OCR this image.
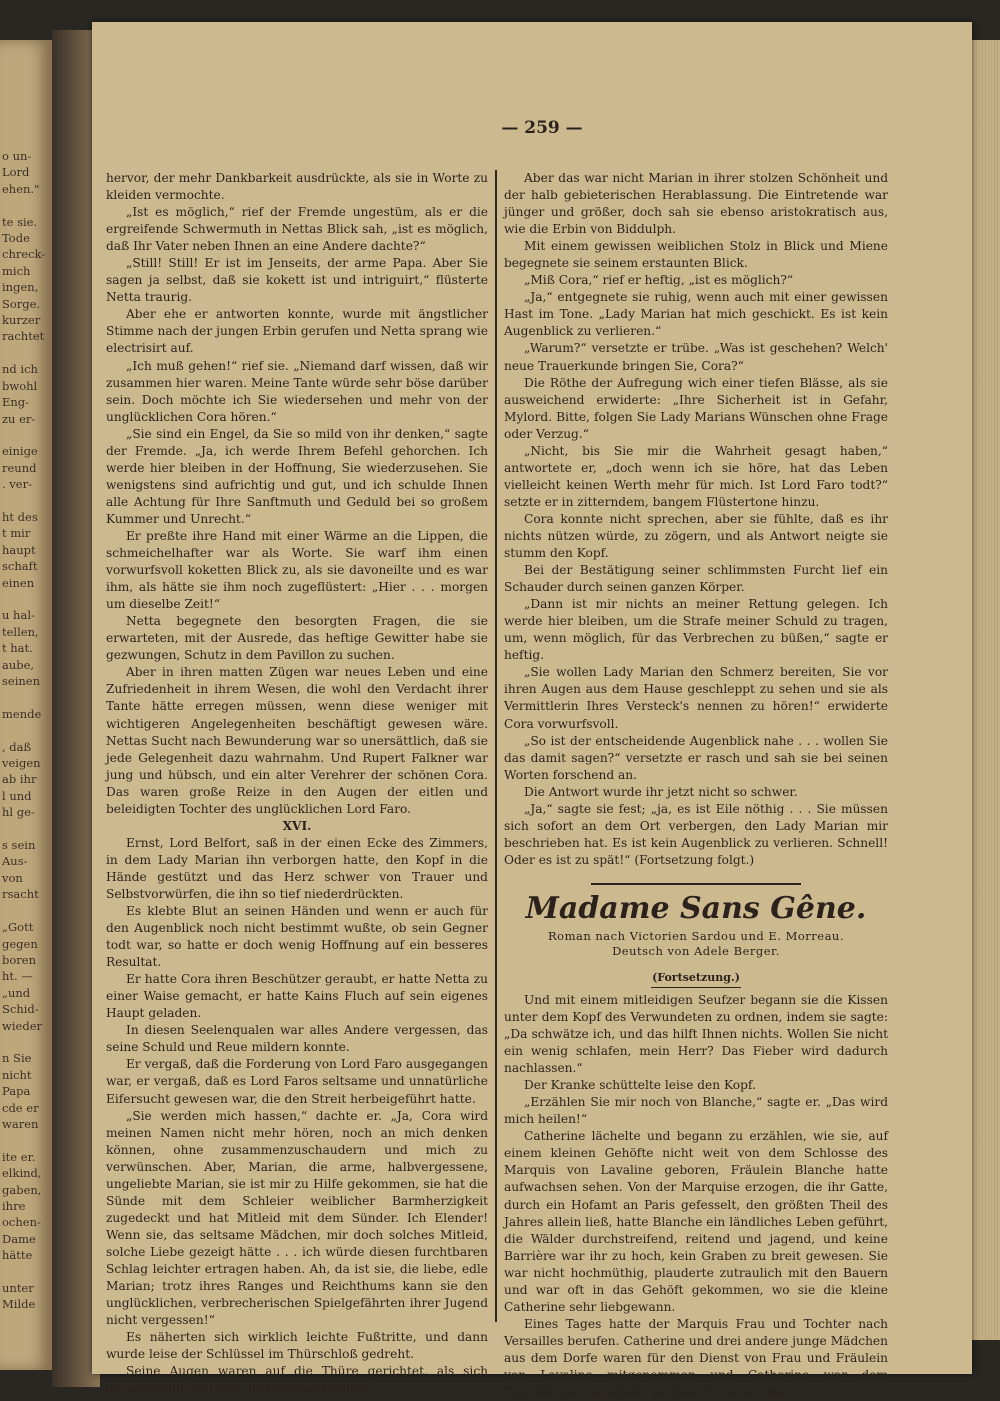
o un-
Lord
ehen."

te sie.
Tode
chreck-
mich
ingen,
Sorge.
kurzer
rachtet

nd ich
bwohl
Eng-
zu er-

einige
reund
. ver-

ht des
t mir
haupt
schaft
einen

u hal-
tellen,
t hat.
aube,
seinen

mende

, daß
veigen
ab ihr
l und
hl ge-

s sein
Aus-
von
rsacht

„Gott
gegen
boren
ht. —
„und
Schid-
wieder

n Sie
nicht
Papa
cde er
waren

ite er.
elkind,
gaben,
ihre
ochen-
Dame
hätte

unter
Milde
— 259 —

hervor, der mehr Dankbarkeit ausdrückte, als sie in Worte zu kleiden vermochte.

„Ist es möglich,“ rief der Fremde ungestüm, als er die ergreifende Schwermuth in Nettas Blick sah, „ist es möglich, daß Ihr Vater neben Ihnen an eine Andere dachte?“

„Still! Still! Er ist im Jenseits, der arme Papa. Aber Sie sagen ja selbst, daß sie kokett ist und intriguirt,“ flüsterte Netta traurig.

Aber ehe er antworten konnte, wurde mit ängstlicher Stimme nach der jungen Erbin gerufen und Netta sprang wie electrisirt auf.

„Ich muß gehen!“ rief sie. „Niemand darf wissen, daß wir zusammen hier waren. Meine Tante würde sehr böse darüber sein. Doch möchte ich Sie wiedersehen und mehr von der unglücklichen Cora hören.“

„Sie sind ein Engel, da Sie so mild von ihr denken,“ sagte der Fremde. „Ja, ich werde Ihrem Befehl gehorchen. Ich werde hier bleiben in der Hoffnung, Sie wiederzusehen. Sie wenigstens sind aufrichtig und gut, und ich schulde Ihnen alle Achtung für Ihre Sanftmuth und Geduld bei so großem Kummer und Unrecht.“

Er preßte ihre Hand mit einer Wärme an die Lippen, die schmeichelhafter war als Worte. Sie warf ihm einen vorwurfsvoll koketten Blick zu, als sie davoneilte und es war ihm, als hätte sie ihm noch zugeflüstert: „Hier . . . morgen um dieselbe Zeit!“

Netta begegnete den besorgten Fragen, die sie erwarteten, mit der Ausrede, das heftige Gewitter habe sie gezwungen, Schutz in dem Pavillon zu suchen.

Aber in ihren matten Zügen war neues Leben und eine Zufriedenheit in ihrem Wesen, die wohl den Verdacht ihrer Tante hätte erregen müssen, wenn diese weniger mit wichtigeren Angelegenheiten beschäftigt gewesen wäre. Nettas Sucht nach Bewunderung war so unersättlich, daß sie jede Gelegenheit dazu wahrnahm. Und Rupert Falkner war jung und hübsch, und ein alter Verehrer der schönen Cora. Das waren große Reize in den Augen der eitlen und beleidigten Tochter des unglücklichen Lord Faro.

XVI.

Ernst, Lord Belfort, saß in der einen Ecke des Zimmers, in dem Lady Marian ihn verborgen hatte, den Kopf in die Hände gestützt und das Herz schwer von Trauer und Selbstvorwürfen, die ihn so tief niederdrückten.

Es klebte Blut an seinen Händen und wenn er auch für den Augenblick noch nicht bestimmt wußte, ob sein Gegner todt war, so hatte er doch wenig Hoffnung auf ein besseres Resultat.

Er hatte Cora ihren Beschützer geraubt, er hatte Netta zu einer Waise gemacht, er hatte Kains Fluch auf sein eigenes Haupt geladen.

In diesen Seelenqualen war alles Andere vergessen, das seine Schuld und Reue mildern konnte.

Er vergaß, daß die Forderung von Lord Faro ausgegangen war, er vergaß, daß es Lord Faros seltsame und unnatürliche Eifersucht gewesen war, die den Streit herbeigeführt hatte.

„Sie werden mich hassen,“ dachte er. „Ja, Cora wird meinen Namen nicht mehr hören, noch an mich denken können, ohne zusammenzuschaudern und mich zu verwünschen. Aber, Marian, die arme, halbvergessene, ungeliebte Marian, sie ist mir zu Hilfe gekommen, sie hat die Sünde mit dem Schleier weiblicher Barmherzigkeit zugedeckt und hat Mitleid mit dem Sünder. Ich Elender! Wenn sie, das seltsame Mädchen, mir doch solches Mitleid, solche Liebe gezeigt hätte . . . ich würde diesen furchtbaren Schlag leichter ertragen haben. Ah, da ist sie, die liebe, edle Marian; trotz ihres Ranges und Reichthums kann sie den unglücklichen, verbrecherischen Spielgefährten ihrer Jugend nicht vergessen!“

Es näherten sich wirklich leichte Fußtritte, und dann wurde leise der Schlüssel im Thürschloß gedreht.

Seine Augen waren auf die Thüre gerichtet, als sich dieselbe langsam und geräuschlos öffnete.

Aber das war nicht Marian in ihrer stolzen Schönheit und der halb gebieterischen Herablassung. Die Eintretende war jünger und größer, doch sah sie ebenso aristokratisch aus, wie die Erbin von Biddulph.

Mit einem gewissen weiblichen Stolz in Blick und Miene begegnete sie seinem erstaunten Blick.

„Miß Cora,“ rief er heftig, „ist es möglich?“

„Ja,“ entgegnete sie ruhig, wenn auch mit einer gewissen Hast im Tone. „Lady Marian hat mich geschickt. Es ist kein Augenblick zu verlieren.“

„Warum?“ versetzte er trübe. „Was ist geschehen? Welch' neue Trauerkunde bringen Sie, Cora?“

Die Röthe der Aufregung wich einer tiefen Blässe, als sie ausweichend erwiderte: „Ihre Sicherheit ist in Gefahr, Mylord. Bitte, folgen Sie Lady Marians Wünschen ohne Frage oder Verzug.“

„Nicht, bis Sie mir die Wahrheit gesagt haben,“ antwortete er, „doch wenn ich sie höre, hat das Leben vielleicht keinen Werth mehr für mich. Ist Lord Faro todt?“ setzte er in zitterndem, bangem Flüstertone hinzu.

Cora konnte nicht sprechen, aber sie fühlte, daß es ihr nichts nützen würde, zu zögern, und als Antwort neigte sie stumm den Kopf.

Bei der Bestätigung seiner schlimmsten Furcht lief ein Schauder durch seinen ganzen Körper.

„Dann ist mir nichts an meiner Rettung gelegen. Ich werde hier bleiben, um die Strafe meiner Schuld zu tragen, um, wenn möglich, für das Verbrechen zu büßen,“ sagte er heftig.

„Sie wollen Lady Marian den Schmerz bereiten, Sie vor ihren Augen aus dem Hause geschleppt zu sehen und sie als Vermittlerin Ihres Versteck's nennen zu hören!“ erwiderte Cora vorwurfsvoll.

„So ist der entscheidende Augenblick nahe . . . wollen Sie das damit sagen?“ versetzte er rasch und sah sie bei seinen Worten forschend an.

Die Antwort wurde ihr jetzt nicht so schwer.

„Ja,“ sagte sie fest; „ja, es ist Eile nöthig . . . Sie müssen sich sofort an dem Ort verbergen, den Lady Marian mir beschrieben hat. Es ist kein Augenblick zu verlieren. Schnell! Oder es ist zu spät!“ (Fortsetzung folgt.)

Madame Sans Gêne.

Roman nach Victorien Sardou und E. Morreau.

Deutsch von Adele Berger.

(Fortsetzung.)

Und mit einem mitleidigen Seufzer begann sie die Kissen unter dem Kopf des Verwundeten zu ordnen, indem sie sagte: „Da schwätze ich, und das hilft Ihnen nichts. Wollen Sie nicht ein wenig schlafen, mein Herr? Das Fieber wird dadurch nachlassen.“

Der Kranke schüttelte leise den Kopf.

„Erzählen Sie mir noch von Blanche,“ sagte er. „Das wird mich heilen!“

Catherine lächelte und begann zu erzählen, wie sie, auf einem kleinen Gehöfte nicht weit von dem Schlosse des Marquis von Lavaline geboren, Fräulein Blanche hatte aufwachsen sehen. Von der Marquise erzogen, die ihr Gatte, durch ein Hofamt an Paris gefesselt, den größten Theil des Jahres allein ließ, hatte Blanche ein ländliches Leben geführt, die Wälder durchstreifend, reitend und jagend, und keine Barrière war ihr zu hoch, kein Graben zu breit gewesen. Sie war nicht hochmüthig, plauderte zutraulich mit den Bauern und war oft in das Gehöft gekommen, wo sie die kleine Catherine sehr liebgewann.

Eines Tages hatte der Marquis Frau und Tochter nach Versailles berufen. Catherine und drei andere junge Mädchen aus dem Dorfe waren für den Dienst von Frau und Fräulein von Lavaline mitgenommen und Catherine war dem Waschhause zugetheilt worden. So hatten sie
